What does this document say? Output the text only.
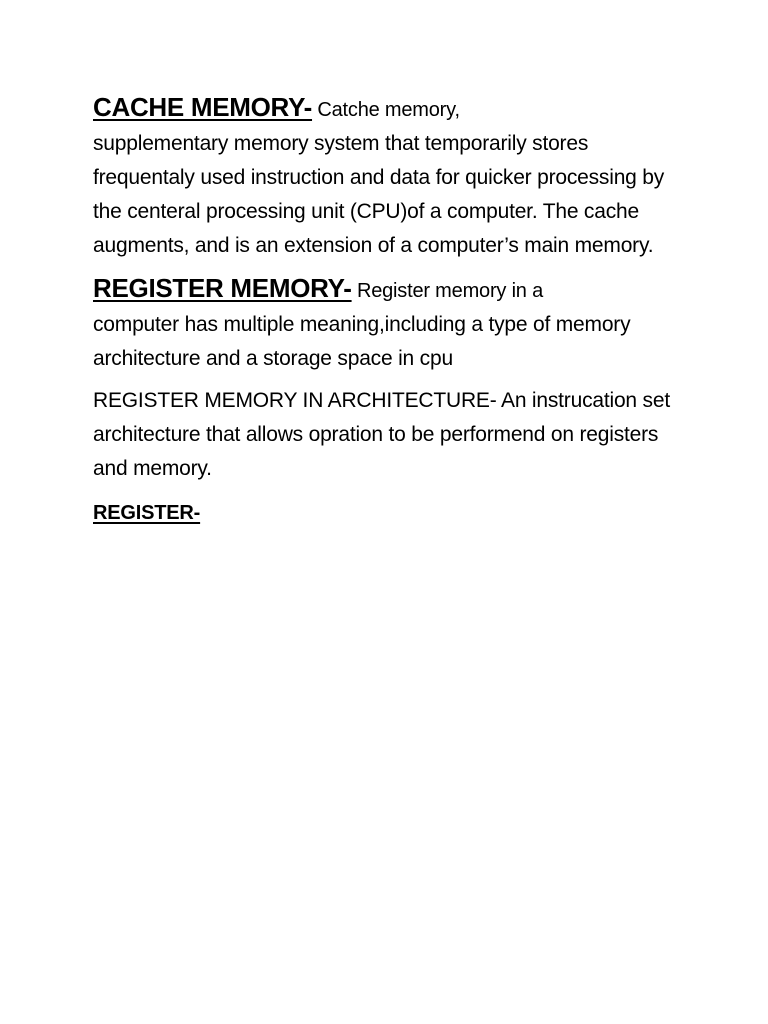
CACHE MEMORY- Catche memory,
supplementary memory system that temporarily stores frequentaly used instruction and data for quicker processing by the centeral processing unit (CPU)of a computer. The cache augments, and is an extension of a computer’s main memory.

REGISTER MEMORY- Register memory in a
computer has multiple meaning,including a type of memory architecture and a storage space in cpu

REGISTER MEMORY IN ARCHITECTURE- An instrucation set architecture that allows opration to be performend on registers and memory.

REGISTER-
